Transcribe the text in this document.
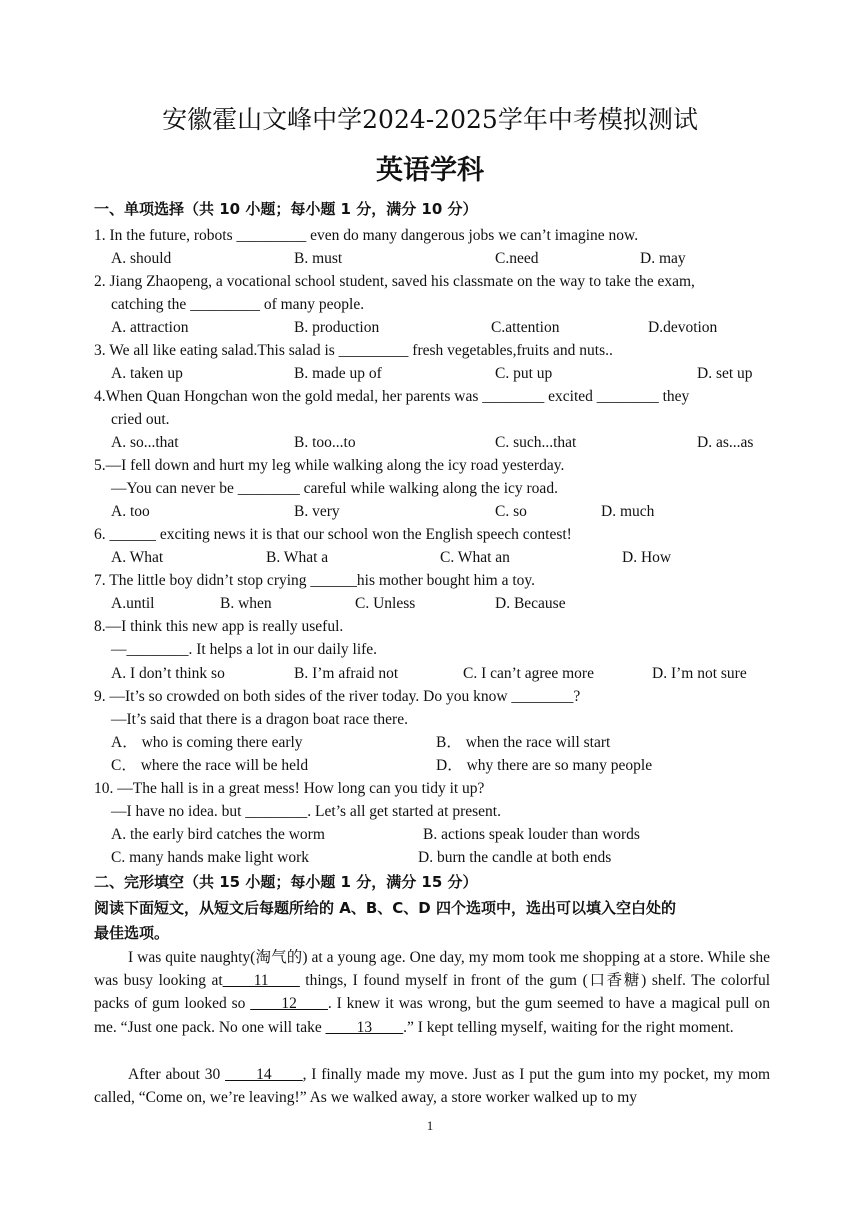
安徽霍山文峰中学2024-2025学年中考模拟测试
英语学科
一、单项选择（共 10 小题；每小题 1 分，满分 10 分）
1. In the future, robots _________ even do many dangerous jobs we can’t imagine now.
A. should	B. must	C.need	D. may
2. Jiang Zhaopeng, a vocational school student, saved his classmate on the way to take the exam,
catching the _________ of many people.
A. attraction	B. production	C.attention	D.devotion
3. We all like eating salad.This salad is _________ fresh vegetables,fruits and nuts..
A. taken up	B. made up of	C. put up	D. set up
4.When Quan Hongchan won the gold medal, her parents was ________ excited ________ they
cried out.
A. so...that	B. too...to	C. such...that	D. as...as
5.—I fell down and hurt my leg while walking along the icy road yesterday.
—You can never be ________ careful while walking along the icy road.
A. too	B. very	C. so	D. much
6. ______ exciting news it is that our school won the English speech contest!
A. What	B. What a	C. What an	D. How
7. The little boy didn’t stop crying ______his mother bought him a toy.
A.until	B. when	C. Unless	D. Because
8.—I think this new app is really useful.
—________. It helps a lot in our daily life.
A. I don’t think so	B. I’m afraid not	C. I can’t agree more	D. I’m not sure
9. —It’s so crowded on both sides of the river today. Do you know ________?
—It’s said that there is a dragon boat race there.
A． who is coming there early	B． when the race will start
C． where the race will be held	D． why there are so many people
10. —The hall is in a great mess! How long can you tidy it up?
—I have no idea. but ________. Let’s all get started at present.
A. the early bird catches the worm	B. actions speak louder than words
C. many hands make light work	D. burn the candle at both ends
二、完形填空（共 15 小题；每小题 1 分，满分 15 分）
阅读下面短文，从短文后每题所给的 A、B、C、D 四个选项中，选出可以填入空白处的
最佳选项。
I was quite naughty(淘气的) at a young age. One day, my mom took me shopping at a store. While she was busy looking at____11____ things, I found myself in front of the gum (口香糖) shelf. The colorful packs of gum looked so ____12____. I knew it was wrong, but the gum seemed to have a magical pull on me. “Just one pack. No one will take ____13____.” I kept telling myself, waiting for the right moment.
After about 30 ____14____, I finally made my move. Just as I put the gum into my pocket, my mom called, “Come on, we’re leaving!” As we walked away, a store worker walked up to my
1
